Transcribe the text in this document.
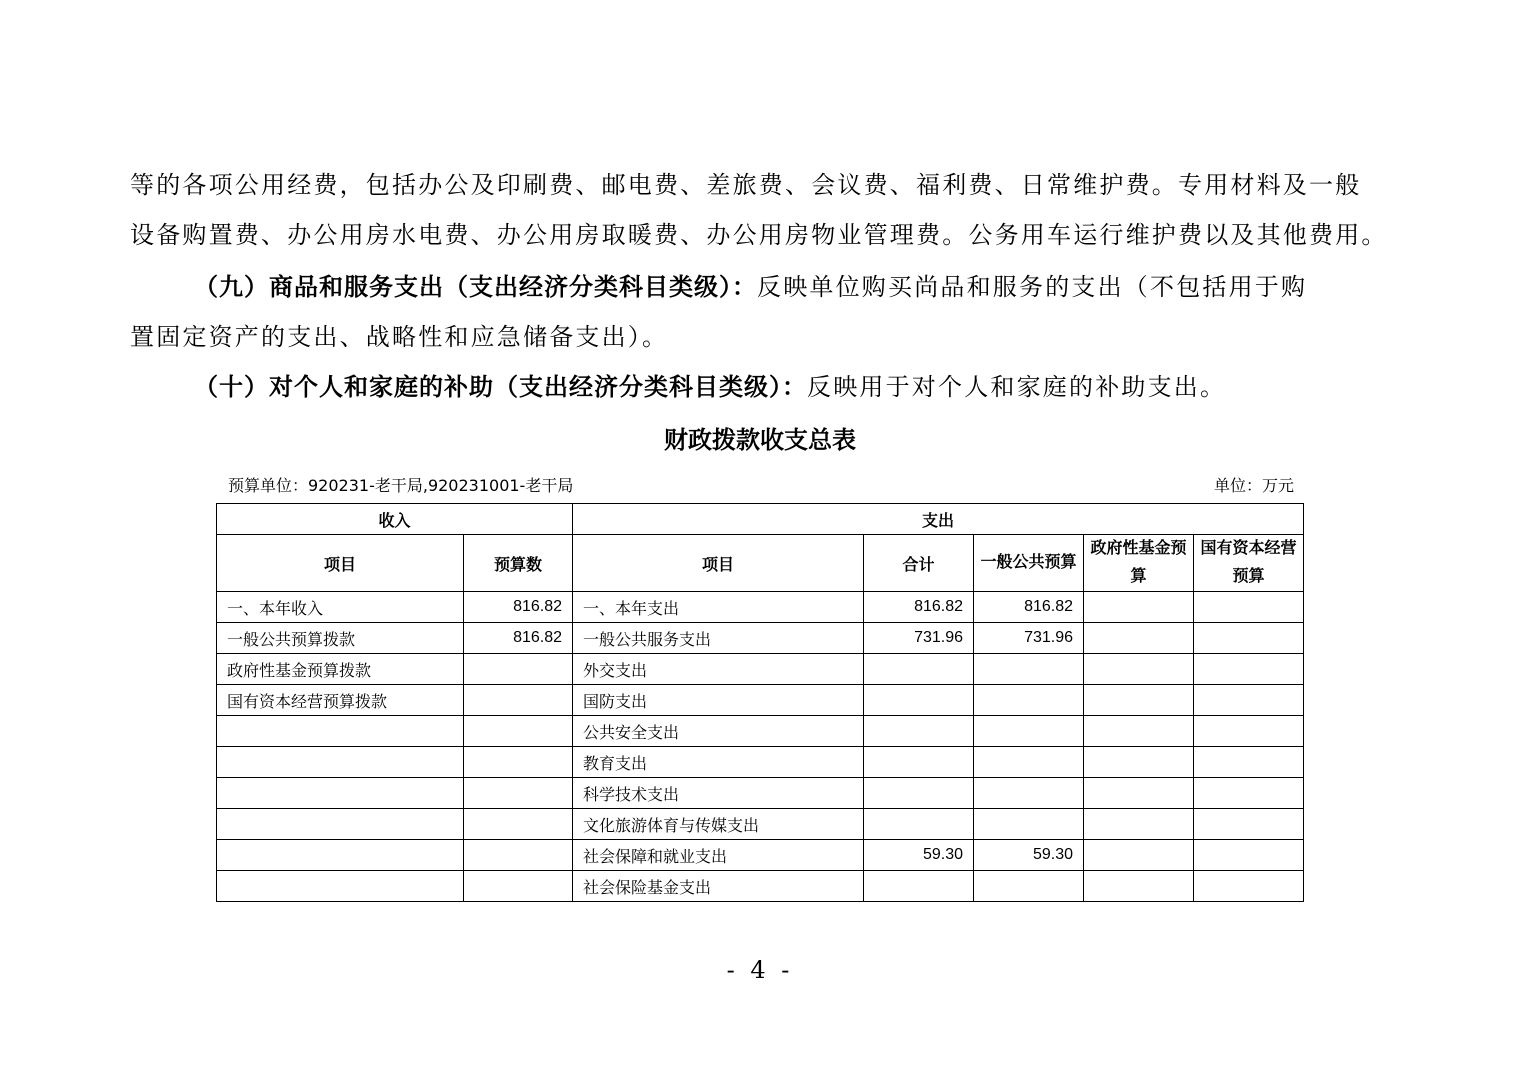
等的各项公用经费，包括办公及印刷费、邮电费、差旅费、会议费、福利费、日常维护费。专用材料及一般
设备购置费、办公用房水电费、办公用房取暖费、办公用房物业管理费。公务用车运行维护费以及其他费用。
（九）商品和服务支出（支出经济分类科目类级）：反映单位购买尚品和服务的支出（不包括用于购
置固定资产的支出、战略性和应急储备支出）。
（十）对个人和家庭的补助（支出经济分类科目类级）：反映用于对个人和家庭的补助支出。
财政拨款收支总表
预算单位：920231-老干局,920231001-老干局	单位：万元
收入		支出				
项目	预算数	项目	合计	一般公共预算	政府性基金预算	国有资本经营预算
一、本年收入	816.82	一、本年支出	816.82	816.82		
一般公共预算拨款	816.82	一般公共服务支出	731.96	731.96		
政府性基金预算拨款		外交支出				
国有资本经营预算拨款		国防支出				
		公共安全支出				
		教育支出				
		科学技术支出				
		文化旅游体育与传媒支出				
		社会保障和就业支出	59.30	59.30		
		社会保险基金支出				
- 4 -
